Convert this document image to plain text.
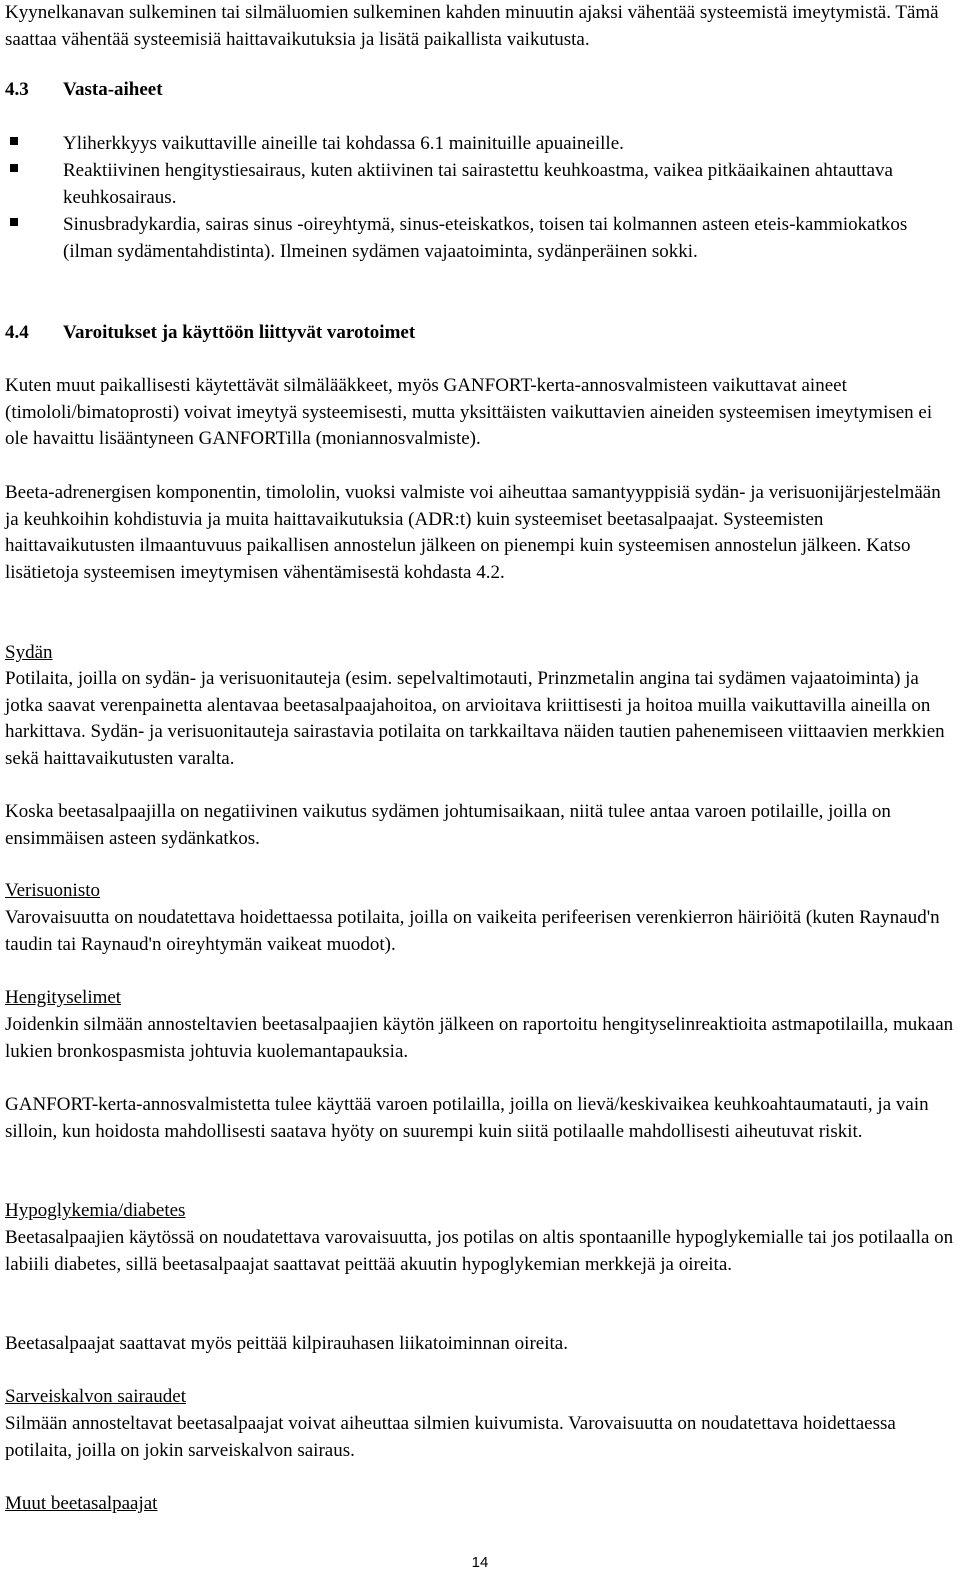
Kyynelkanavan sulkeminen tai silmäluomien sulkeminen kahden minuutin ajaksi vähentää systeemistä imeytymistä. Tämä saattaa vähentää systeemisiä haittavaikutuksia ja lisätä paikallista vaikutusta.

4.3 Vasta-aiheet
Yliherkkyys vaikuttaville aineille tai kohdassa 6.1 mainituille apuaineille.
Reaktiivinen hengitystiesairaus, kuten aktiivinen tai sairastettu keuhkoastma, vaikea pitkäaikainen ahtauttava keuhkosairaus.
Sinusbradykardia, sairas sinus -oireyhtymä, sinus-eteiskatkos, toisen tai kolmannen asteen eteis-kammiokatkos (ilman sydämentahdistinta). Ilmeinen sydämen vajaatoiminta, sydänperäinen sokki.
4.4 Varoitukset ja käyttöön liittyvät varotoimet

Kuten muut paikallisesti käytettävät silmälääkkeet, myös GANFORT-kerta-annosvalmisteen vaikuttavat aineet (timololi/bimatoprosti) voivat imeytyä systeemisesti, mutta yksittäisten vaikuttavien aineiden systeemisen imeytymisen ei ole havaittu lisääntyneen GANFORTilla (moniannosvalmiste).

Beeta-adrenergisen komponentin, timololin, vuoksi valmiste voi aiheuttaa samantyyppisiä sydän- ja verisuonijärjestelmään ja keuhkoihin kohdistuvia ja muita haittavaikutuksia (ADR:t) kuin systeemiset beetasalpaajat. Systeemisten haittavaikutusten ilmaantuvuus paikallisen annostelun jälkeen on pienempi kuin systeemisen annostelun jälkeen. Katso lisätietoja systeemisen imeytymisen vähentämisestä kohdasta 4.2.

Sydän

Potilaita, joilla on sydän- ja verisuonitauteja (esim. sepelvaltimotauti, Prinzmetalin angina tai sydämen vajaatoiminta) ja jotka saavat verenpainetta alentavaa beetasalpaajahoitoa, on arvioitava kriittisesti ja hoitoa muilla vaikuttavilla aineilla on harkittava. Sydän- ja verisuonitauteja sairastavia potilaita on tarkkailtava näiden tautien pahenemiseen viittaavien merkkien sekä haittavaikutusten varalta.

Koska beetasalpaajilla on negatiivinen vaikutus sydämen johtumisaikaan, niitä tulee antaa varoen potilaille, joilla on ensimmäisen asteen sydänkatkos.

Verisuonisto

Varovaisuutta on noudatettava hoidettaessa potilaita, joilla on vaikeita perifeerisen verenkierron häiriöitä (kuten Raynaud'n taudin tai Raynaud'n oireyhtymän vaikeat muodot).

Hengityselimet

Joidenkin silmään annosteltavien beetasalpaajien käytön jälkeen on raportoitu hengityselinreaktioita astmapotilailla, mukaan lukien bronkospasmista johtuvia kuolemantapauksia.

GANFORT-kerta-annosvalmistetta tulee käyttää varoen potilailla, joilla on lievä/keskivaikea keuhkoahtaumatauti, ja vain silloin, kun hoidosta mahdollisesti saatava hyöty on suurempi kuin siitä potilaalle mahdollisesti aiheutuvat riskit.

Hypoglykemia/diabetes

Beetasalpaajien käytössä on noudatettava varovaisuutta, jos potilas on altis spontaanille hypoglykemialle tai jos potilaalla on labiili diabetes, sillä beetasalpaajat saattavat peittää akuutin hypoglykemian merkkejä ja oireita.

Beetasalpaajat saattavat myös peittää kilpirauhasen liikatoiminnan oireita.

Sarveiskalvon sairaudet

Silmään annosteltavat beetasalpaajat voivat aiheuttaa silmien kuivumista. Varovaisuutta on noudatettava hoidettaessa potilaita, joilla on jokin sarveiskalvon sairaus.

Muut beetasalpaajat

14
